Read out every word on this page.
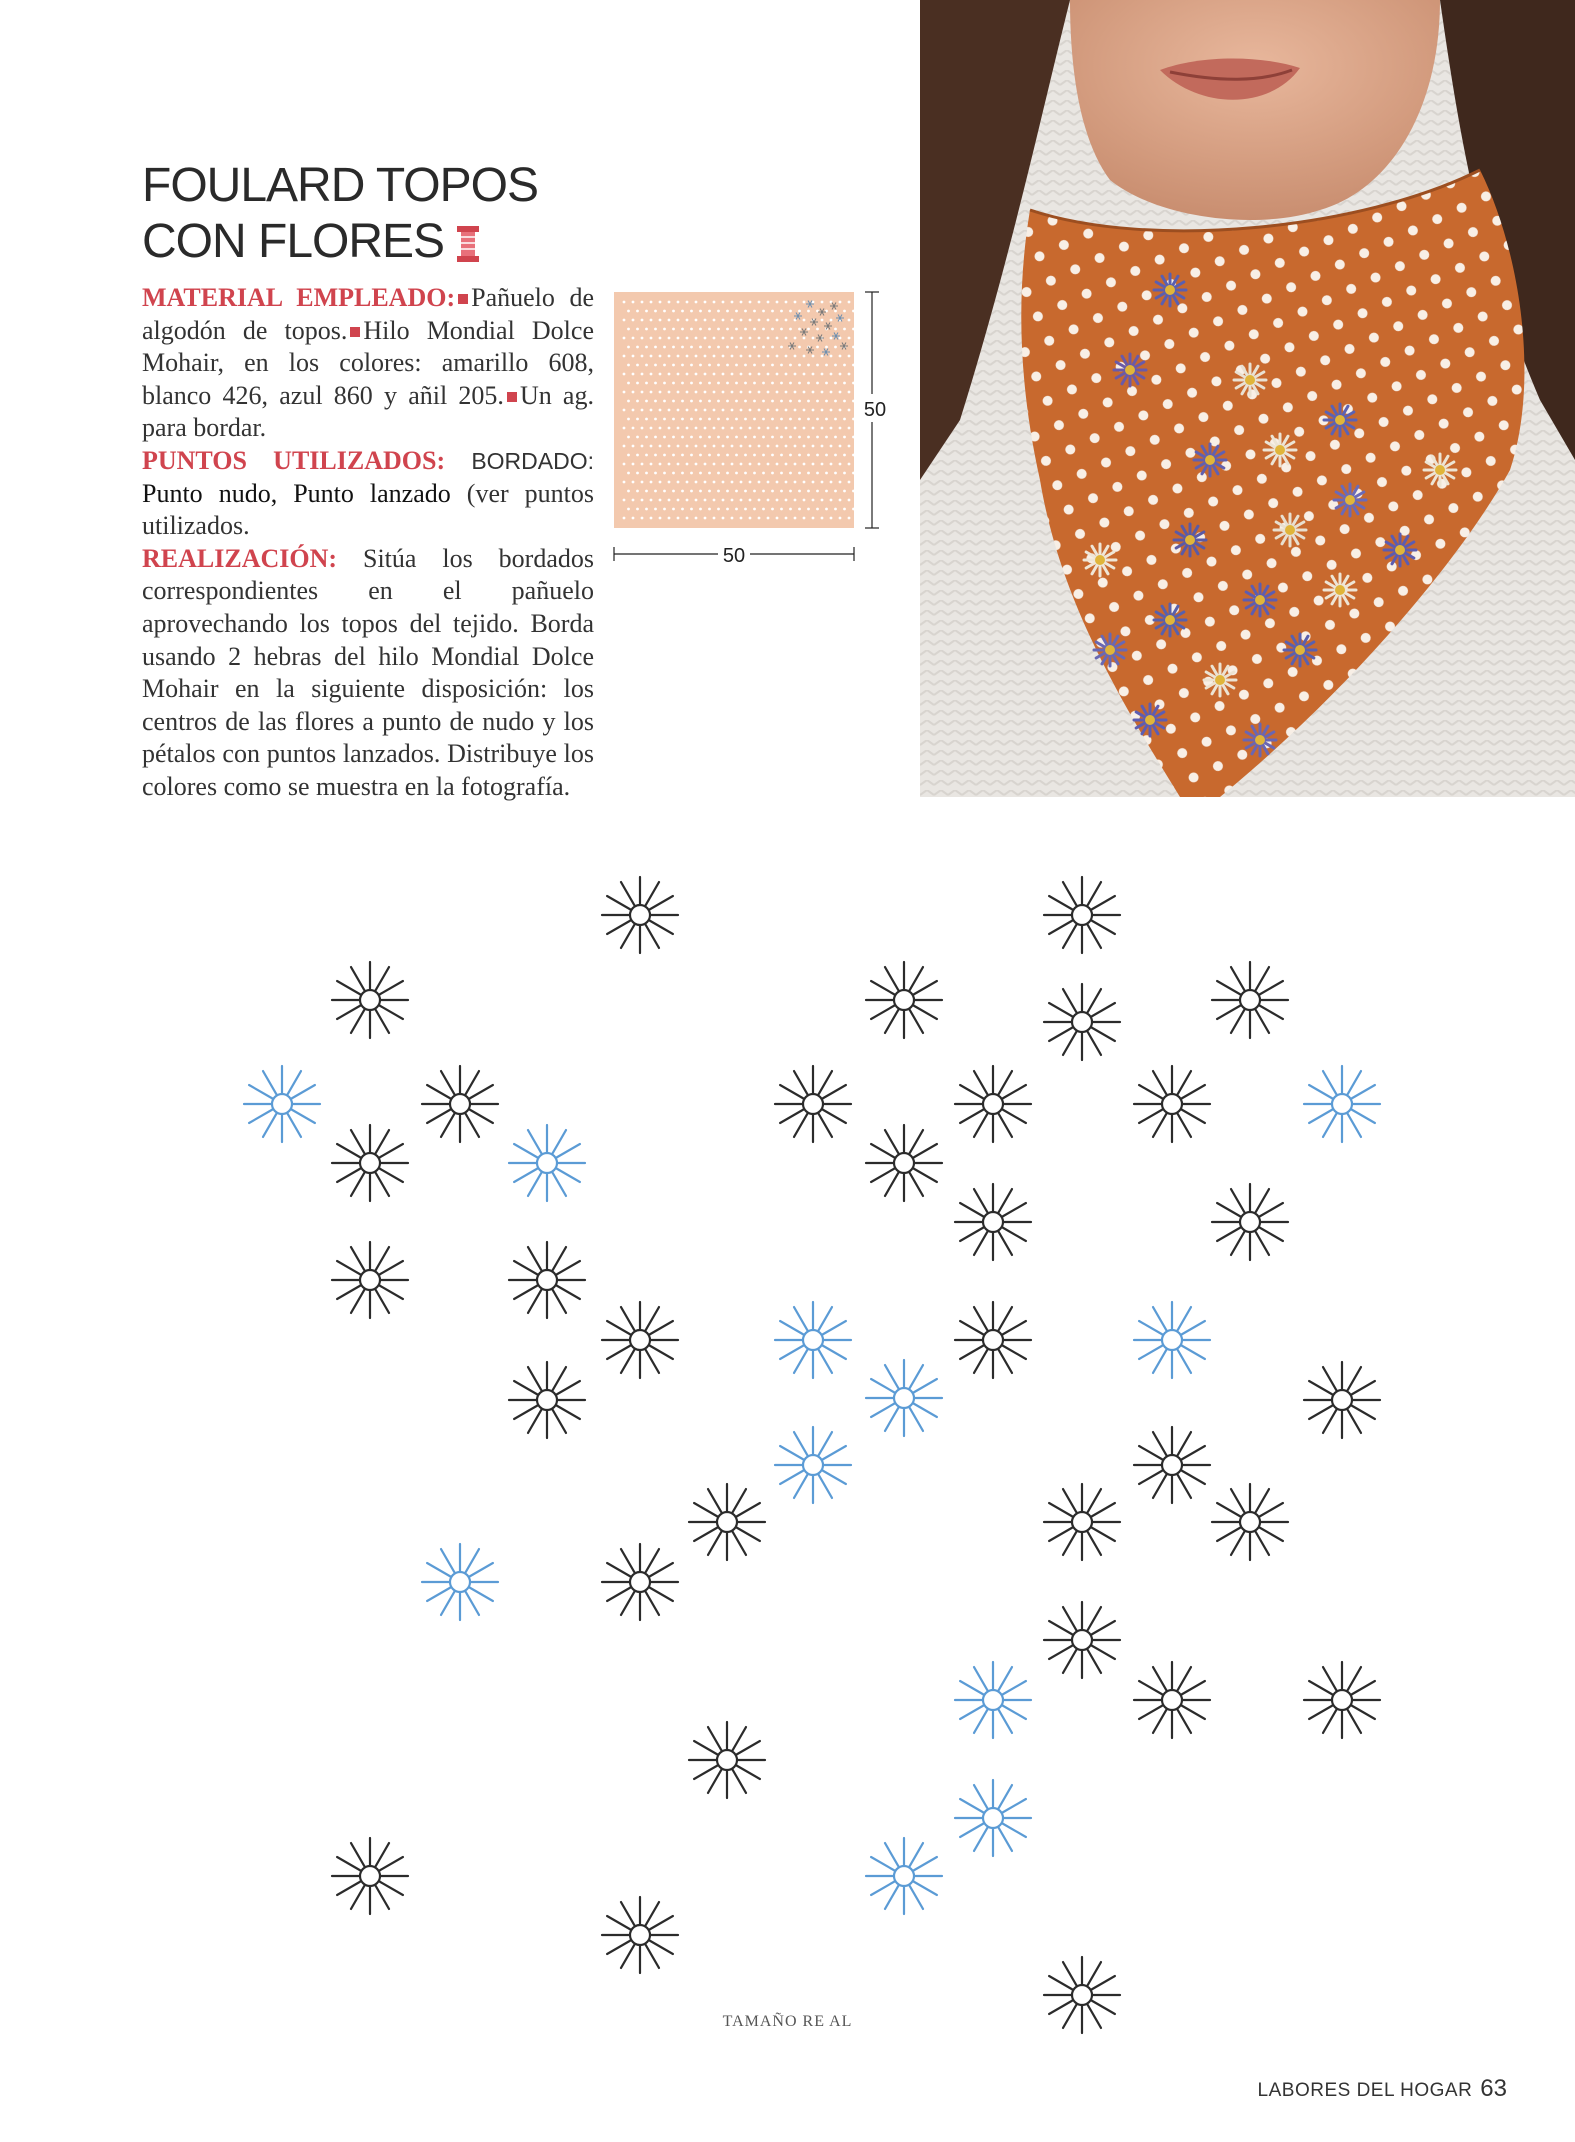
FOULARD TOPOS
CON FLORES

MATERIAL EMPLEADO: Pañuelo de algodón de topos. Hilo Mondial Dolce Mohair, en los colores: amarillo 608, blanco 426, azul 860 y añil 205. Un ag. para bordar.

PUNTOS UTILIZADOS: BORDADO: Punto nudo, Punto lanzado (ver puntos utilizados.

REALIZACIÓN: Sitúa los bordados correspondientes en el pañuelo aprovechando los topos del tejido. Borda usando 2 hebras del hilo Mondial Dolce Mohair en la siguiente disposición: los centros de las flores a punto de nudo y los pétalos con puntos lanzados. Distribuye los colores como se muestra en la fotografía.

50
50
TAMAÑO RE AL
LABORES DEL HOGAR 63
